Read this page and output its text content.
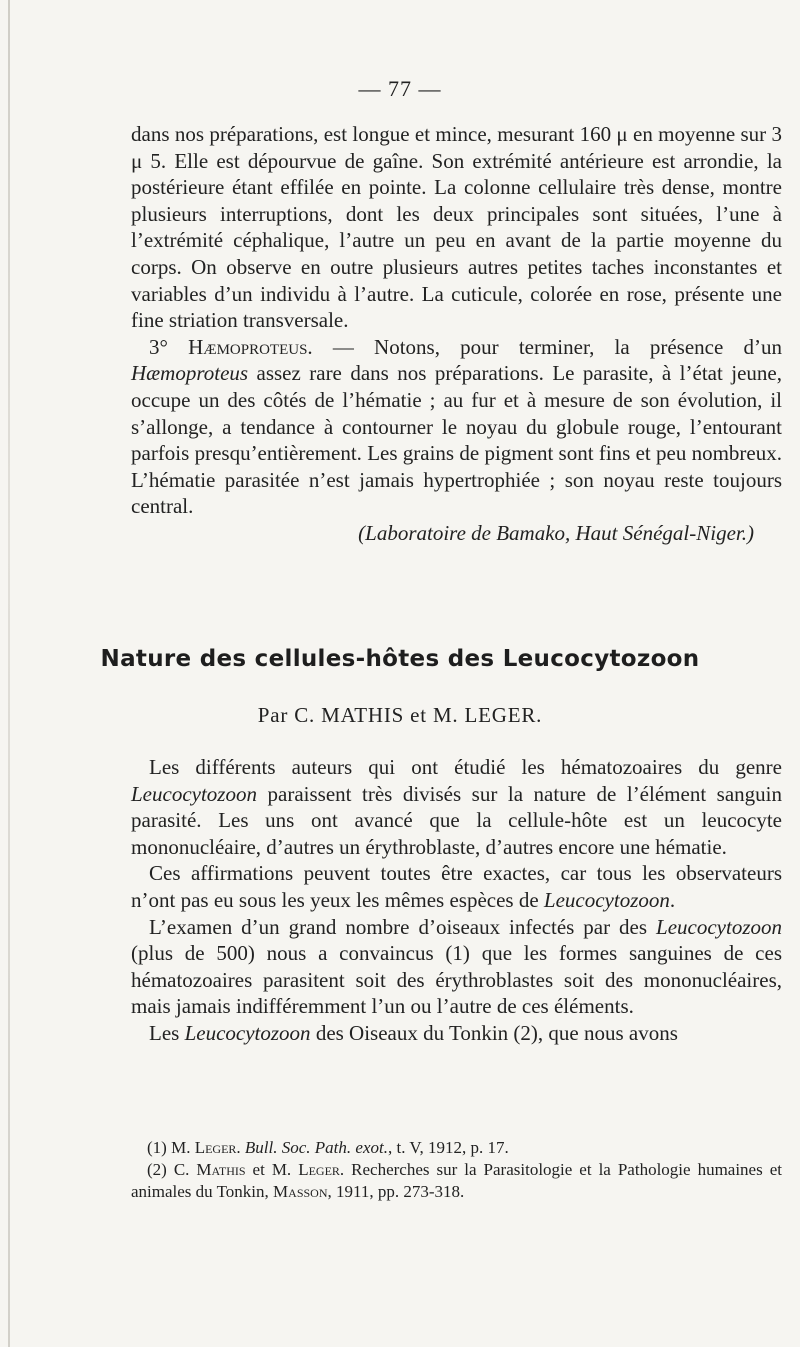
— 77 —

dans nos préparations, est longue et mince, mesurant 160 μ en moyenne sur 3 μ 5. Elle est dépourvue de gaîne. Son extrémité antérieure est arrondie, la postérieure étant effilée en pointe. La colonne cellulaire très dense, montre plusieurs interruptions, dont les deux principales sont situées, l’une à l’extrémité céphalique, l’autre un peu en avant de la partie moyenne du corps. On observe en outre plusieurs autres petites taches inconstantes et variables d’un individu à l’autre. La cuticule, colorée en rose, présente une fine striation transversale.

3° Hæmoproteus. — Notons, pour terminer, la présence d’un Hæmoproteus assez rare dans nos préparations. Le parasite, à l’état jeune, occupe un des côtés de l’hématie ; au fur et à mesure de son évolution, il s’allonge, a tendance à contourner le noyau du globule rouge, l’entourant parfois presqu’entièrement. Les grains de pigment sont fins et peu nombreux. L’hématie parasitée n’est jamais hypertrophiée ; son noyau reste toujours central.

(Laboratoire de Bamako, Haut Sénégal-Niger.)

Nature des cellules-hôtes des Leucocytozoon
Par C. MATHIS et M. LEGER.

Les différents auteurs qui ont étudié les hématozoaires du genre Leucocytozoon paraissent très divisés sur la nature de l’élément sanguin parasité. Les uns ont avancé que la cellule-hôte est un leucocyte mononucléaire, d’autres un érythroblaste, d’autres encore une hématie.

Ces affirmations peuvent toutes être exactes, car tous les observateurs n’ont pas eu sous les yeux les mêmes espèces de Leucocytozoon.

L’examen d’un grand nombre d’oiseaux infectés par des Leucocytozoon (plus de 500) nous a convaincus (1) que les formes sanguines de ces hématozoaires parasitent soit des érythroblastes soit des mononucléaires, mais jamais indifféremment l’un ou l’autre de ces éléments.

Les Leucocytozoon des Oiseaux du Tonkin (2), que nous avons

(1) M. Leger. Bull. Soc. Path. exot., t. V, 1912, p. 17.

(2) C. Mathis et M. Leger. Recherches sur la Parasitologie et la Pathologie humaines et animales du Tonkin, Masson, 1911, pp. 273-318.
